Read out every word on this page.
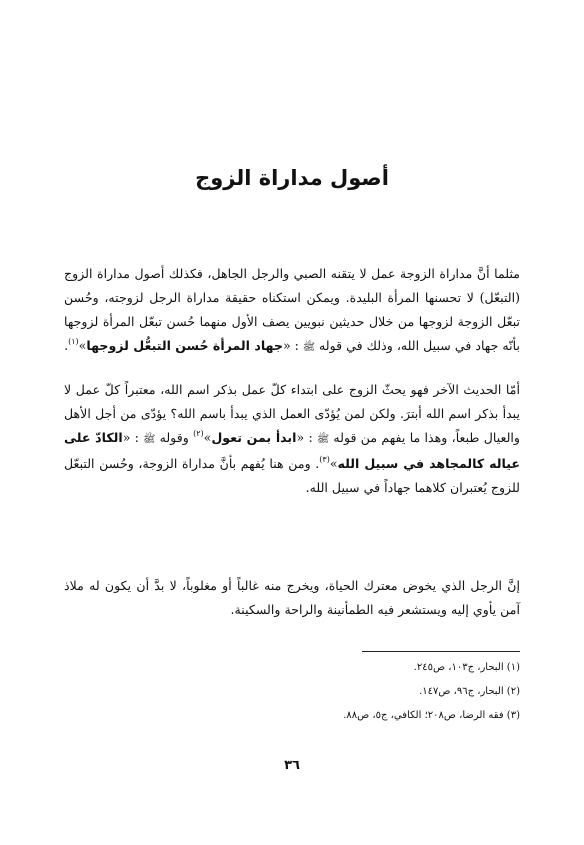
أصول مداراة الزوج

مثلما أنَّ مداراة الزوجة عمل لا يتقنه الصبي والرجل الجاهل، فكذلك أصول مداراة الزوج (التبعّل) لا تحسنها المرأة البليدة. ويمكن استكناه حقيقة مداراة الرجل لزوجته، وحُسن تبعّل الزوجة لزوجها من خلال حديثين نبويين يصف الأول منهما حُسن تبعّل المرأة لزوجها بأنّه جهاد في سبيل الله، وذلك في قوله ﷺ : «جهاد المرأة حُسن التبعُّل لزوجها»$^{(١)}$.

أمّا الحديث الآخر فهو يحثّ الزوج على ابتداء كلّ عمل بذكر اسم الله، معتبراً كلّ عمل لا يبدأ بذكر اسم الله أبترَ. ولكن لمن يُؤدّى العمل الذي يبدأ باسم الله؟ يؤدّى من أجل الأهل والعيال طبعاً، وهذا ما يفهم من قوله ﷺ : «ابدأ بمن تعول»$^{(٢)}$ وقوله ﷺ : «الكادّ على عياله كالمجاهد في سبيل الله»$^{(٣)}$. ومن هنا يُفهم بأنَّ مداراة الزوجة، وحُسن التبعّل للزوج يُعتبران كلاهما جهاداً في سبيل الله.

إنَّ الرجل الذي يخوض معترك الحياة، ويخرج منه غالباً أو مغلوباً، لا بدَّ أن يكون له ملاذ آمن يأوي إليه ويستشعر فيه الطمأنينة والراحة والسكينة.

(١) البحار، ج١٠٣، ص٢٤٥.
(٢) البحار، ج٩٦، ص١٤٧.
(٣) فقه الرضا، ص٢٠٨؛ الكافي، ج٥، ص٨٨.
٣٦
